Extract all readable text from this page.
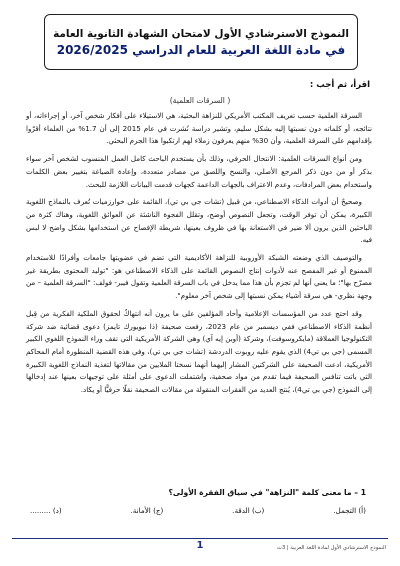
النموذج الاسترشادي الأول لامتحان الشهادة الثانوية العامة
في مادة اللغة العربية للعام الدراسي 2026/2025
اقرأ، ثم أجب :
( السرقات العلمية)

السرقة العلمية حسب تعريف المكتب الأمريكي للنزاهة البحثية، هي الاستيلاء على أفكار شخص آخر، أو إجراءاته، أو نتائجه، أو كلماته دون نسبتها إليه بشكل سليم، وتشير دراسة نُشرت في عام 2015 إلى أن 1.7% من العلماء أقرّوا بإقدامهم على السرقة العلمية، وأن 30% منهم يعرفون زملاء لهم ارتكبوا هذا الجرم البحثي.

ومن أنواع السرقات العلمية: الانتحال الحرفي، وذلك بأن يستخدم الباحث كامل العمل المنسوب لشخص آخر سواء بذكر أو من دون ذكر المرجع الأصلي، والنسخ واللصق من مصادر متعددة، وإعادة الصياغة بتغيير بعض الكلمات واستخدام بعض المرادفات، وعدم الاعتراف بالجهات الداعمة كجهات قدمت البيانات اللازمة للبحث.

وصحيحٌ أن أدوات الذكاء الاصطناعي، من قبيل (تشات جي بي تي)، القائمة على خوارزميات تُعرف بالنماذج اللغوية الكبيرة، يمكن أن توفر الوقت، وتجعل النصوص أوضح، وتقلل الفجوة الناشئة عن العوائق اللغوية، وهناك كثرة من الباحثين الذين يرون ألا ضير في الاستعانة بها في ظروف بعينها، شريطة الإفصاح عن استخدامها بشكل واضح لا لبس فيه.

والتوصيف الذي وضعته الشبكة الأوروبية للنزاهة الأكاديمية التي تضم في عضويتها جامعات وأفرادًا للاستخدام الممنوع أو غير المفصح عنه لأدوات إنتاج النصوص القائمة على الذكاء الاصطناعي هو: "توليد المحتوى بطريقة غير مصرّح بها"؛ ما يعني أنها لم تجزم بأن هذا مما يدخل في باب السرقة العلمية وتقول فيبر- فولف: "السرقة العلمية – من وجهة نظري- هي سرقة أشياء يمكن نسبتها إلى شخص آخر معلوم".

وقد احتج عدد من المؤسسات الإعلامية وأحاد المؤلفين على ما يرون أنه انتهاكٌ لحقوق الملكية الفكرية من قِبل أنظمة الذكاء الاصطناعي ففي ديسمبر من عام 2023، رفعت صحيفة (ذا نيويورك تايمز) دعوى قضائية ضد شركة التكنولوجيا العملاقة (مايكروسوفت)، وشركة (أوبن إيه آي) وهي الشركة الأمريكية التي تقف وراء النموذج اللغوي الكبير المسمى (جي بي تي4) الذي يقوم عليه روبوت الدردشة (تشات جي بي تي)، وفي هذه القضية المنظورة أمام المحاكم الأمريكية، ادعت الصحيفة على الشركتين المشار إليهما أنهما نسختا الملايين من مقالاتها لتغذية النماذج اللغوية الكبيرة التي باتت تنافس الصحيفة فيما تقدم من مواد صحفية، واشتملت الدعوى على أمثلة على توجيهات بعينها عند إدخالها إلى النموذج (جي بي تي4)، يُنتج العديد من الفقرات المنقولة من مقالات الصحيفة نقلًا حرفيًّا أو يكاد.

1 – ما معنى كلمة "النزاهة" في سياق الفقرة الأولى؟
(أ) التجمل.
(ب) الدقة.
(ج) الأمانة.
(د) .........
1	النموذج الاسترشادي الأول لمادة اللغة العربية | 3ث
